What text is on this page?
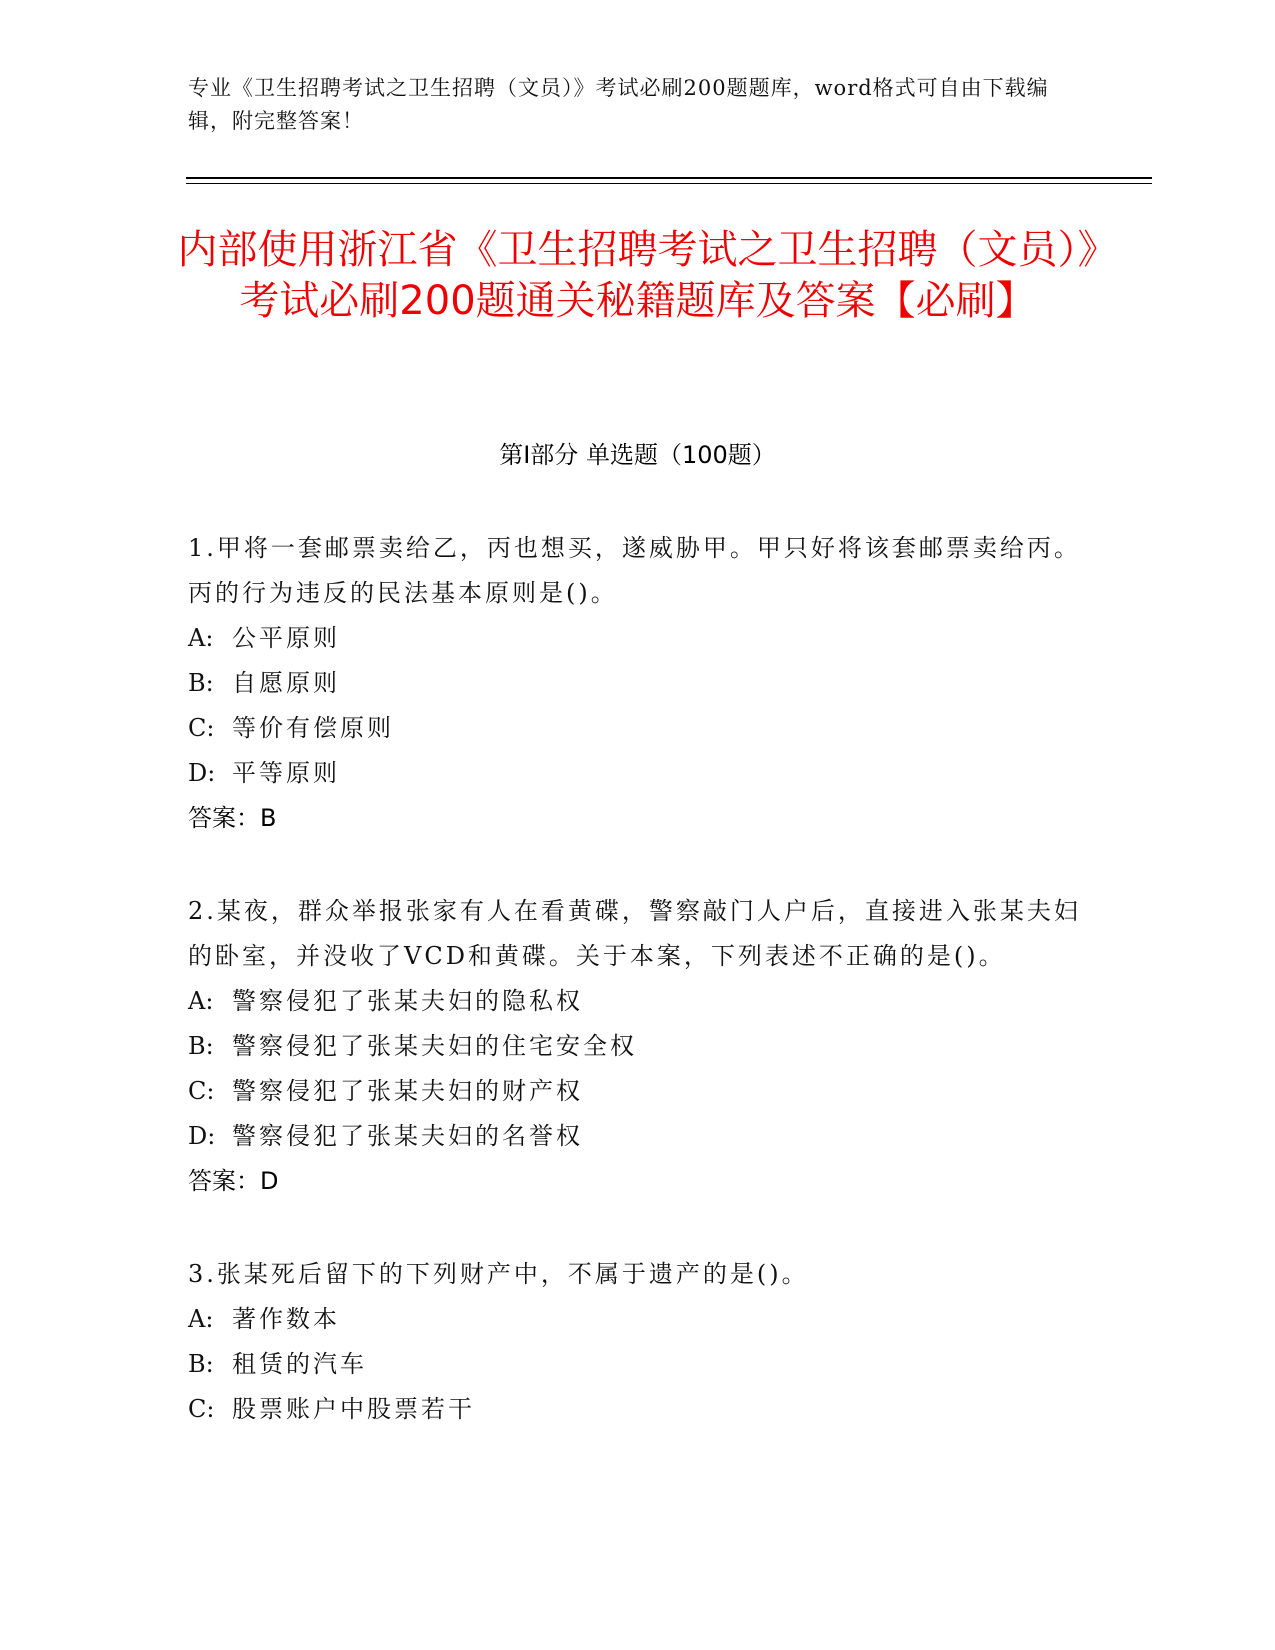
专业《卫生招聘考试之卫生招聘（文员）》考试必刷200题题库，word格式可自由下载编辑，附完整答案！
内部使用浙江省《卫生招聘考试之卫生招聘（文员）》考试必刷200题通关秘籍题库及答案【必刷】
第I部分 单选题（100题）
1.甲将一套邮票卖给乙，丙也想买，遂威胁甲。甲只好将该套邮票卖给丙。丙的行为违反的民法基本原则是()。
A: 公平原则
B: 自愿原则
C: 等价有偿原则
D: 平等原则
答案：B
2.某夜，群众举报张家有人在看黄碟，警察敲门人户后，直接进入张某夫妇的卧室，并没收了VCD和黄碟。关于本案，下列表述不正确的是()。
A: 警察侵犯了张某夫妇的隐私权
B: 警察侵犯了张某夫妇的住宅安全权
C: 警察侵犯了张某夫妇的财产权
D: 警察侵犯了张某夫妇的名誉权
答案：D
3.张某死后留下的下列财产中，不属于遗产的是()。
A: 著作数本
B: 租赁的汽车
C: 股票账户中股票若干
